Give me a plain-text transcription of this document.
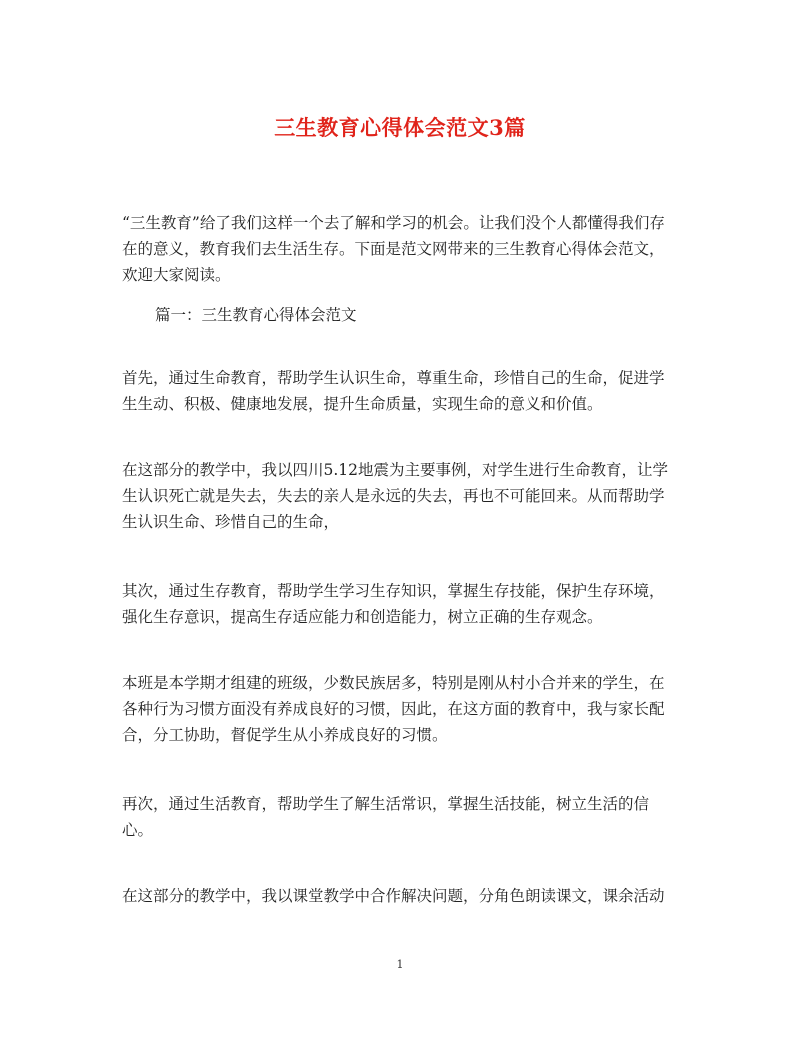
三生教育心得体会范文3篇

“三生教育”给了我们这样一个去了解和学习的机会。让我们没个人都懂得我们存在的意义，教育我们去生活生存。下面是范文网带来的三生教育心得体会范文，欢迎大家阅读。

篇一：三生教育心得体会范文

首先，通过生命教育，帮助学生认识生命，尊重生命，珍惜自己的生命，促进学生生动、积极、健康地发展，提升生命质量，实现生命的意义和价值。

在这部分的教学中，我以四川5.12地震为主要事例，对学生进行生命教育，让学生认识死亡就是失去，失去的亲人是永远的失去，再也不可能回来。从而帮助学生认识生命、珍惜自己的生命，

其次，通过生存教育，帮助学生学习生存知识，掌握生存技能，保护生存环境，强化生存意识，提高生存适应能力和创造能力，树立正确的生存观念。

本班是本学期才组建的班级，少数民族居多，特别是刚从村小合并来的学生，在各种行为习惯方面没有养成良好的习惯，因此，在这方面的教育中，我与家长配合，分工协助，督促学生从小养成良好的习惯。

再次，通过生活教育，帮助学生了解生活常识，掌握生活技能，树立生活的信心。

在这部分的教学中，我以课堂教学中合作解决问题，分角色朗读课文，课余活动

1
